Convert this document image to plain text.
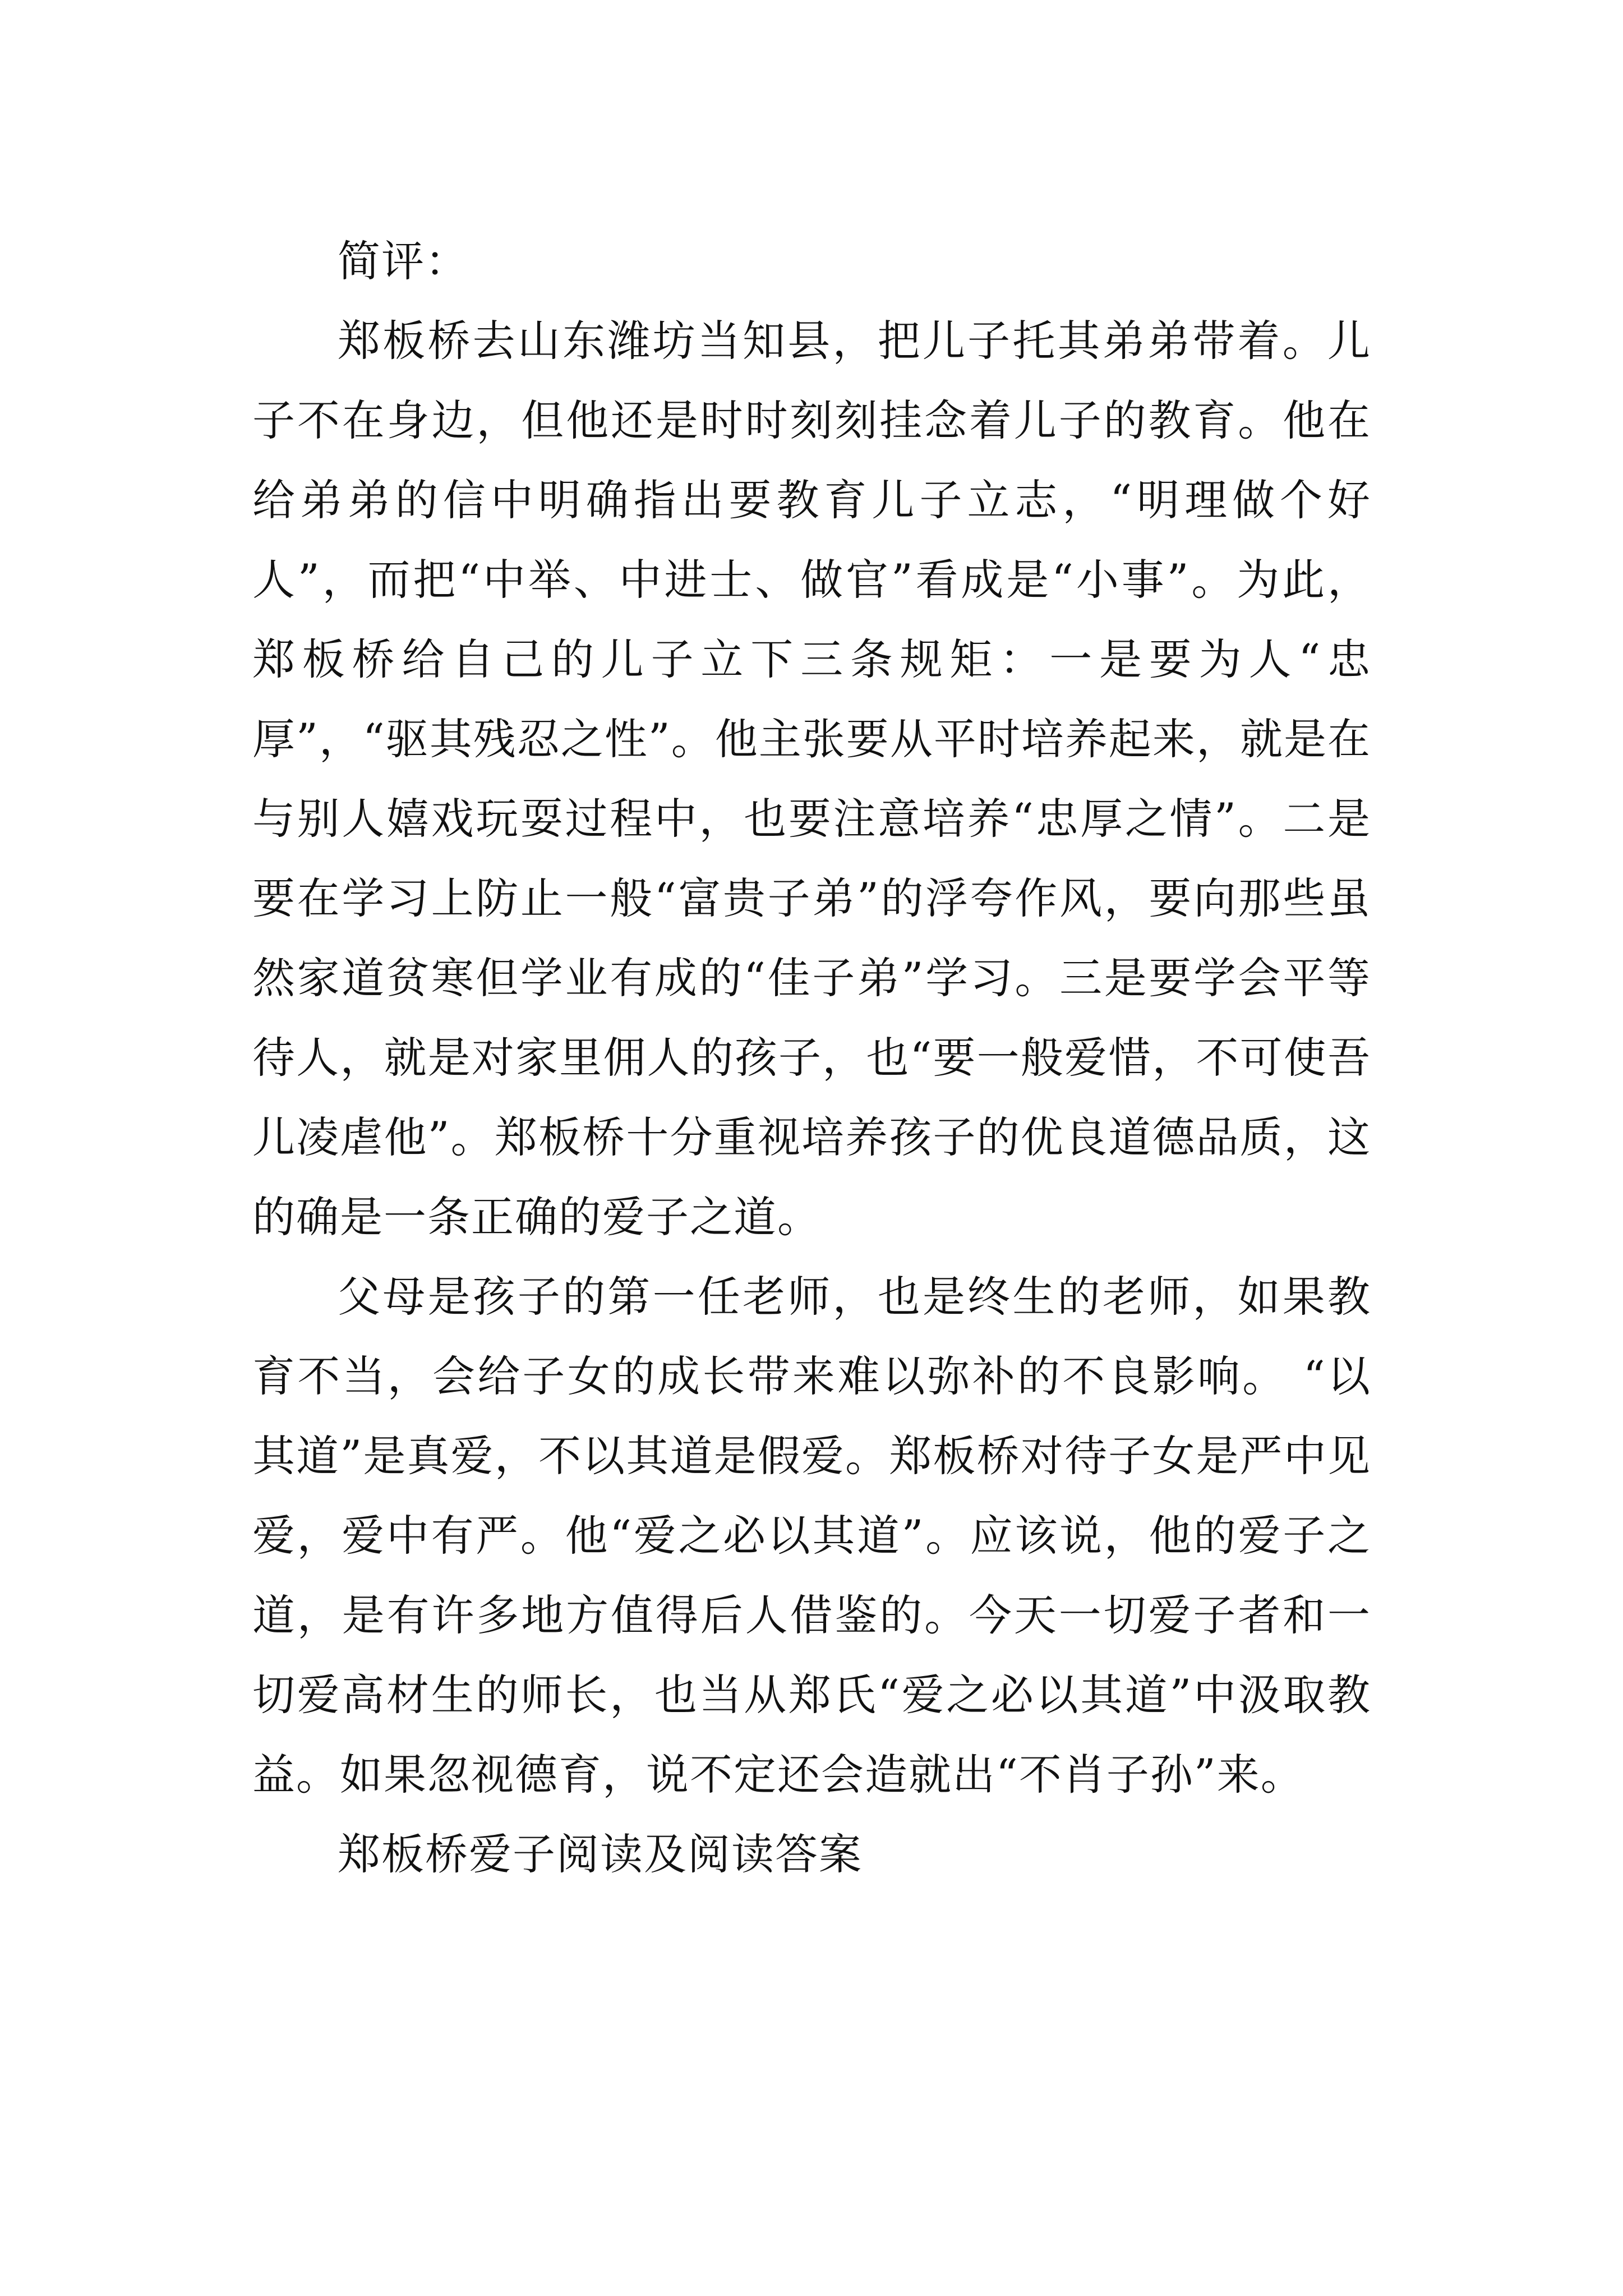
简评：

郑板桥去山东潍坊当知县，把儿子托其弟弟带着。儿子不在身边，但他还是时时刻刻挂念着儿子的教育。他在给弟弟的信中明确指出要教育儿子立志，“明理做个好人”，而把“中举、中进士、做官”看成是“小事”。为此，郑板桥给自己的儿子立下三条规矩：一是要为人“忠厚”，“驱其残忍之性”。他主张要从平时培养起来，就是在与别人嬉戏玩耍过程中，也要注意培养“忠厚之情”。二是要在学习上防止一般“富贵子弟”的浮夸作风，要向那些虽然家道贫寒但学业有成的“佳子弟”学习。三是要学会平等待人，就是对家里佣人的孩子，也“要一般爱惜，不可使吾儿凌虐他”。郑板桥十分重视培养孩子的优良道德品质，这的确是一条正确的爱子之道。

父母是孩子的第一任老师，也是终生的老师，如果教育不当，会给子女的成长带来难以弥补的不良影响。 “以其道”是真爱，不以其道是假爱。郑板桥对待子女是严中见爱，爱中有严。他“爱之必以其道”。应该说，他的爱子之道，是有许多地方值得后人借鉴的。今天一切爱子者和一切爱高材生的师长，也当从郑氏“爱之必以其道”中汲取教益。如果忽视德育，说不定还会造就出“不肖子孙”来。

郑板桥爱子阅读及阅读答案
